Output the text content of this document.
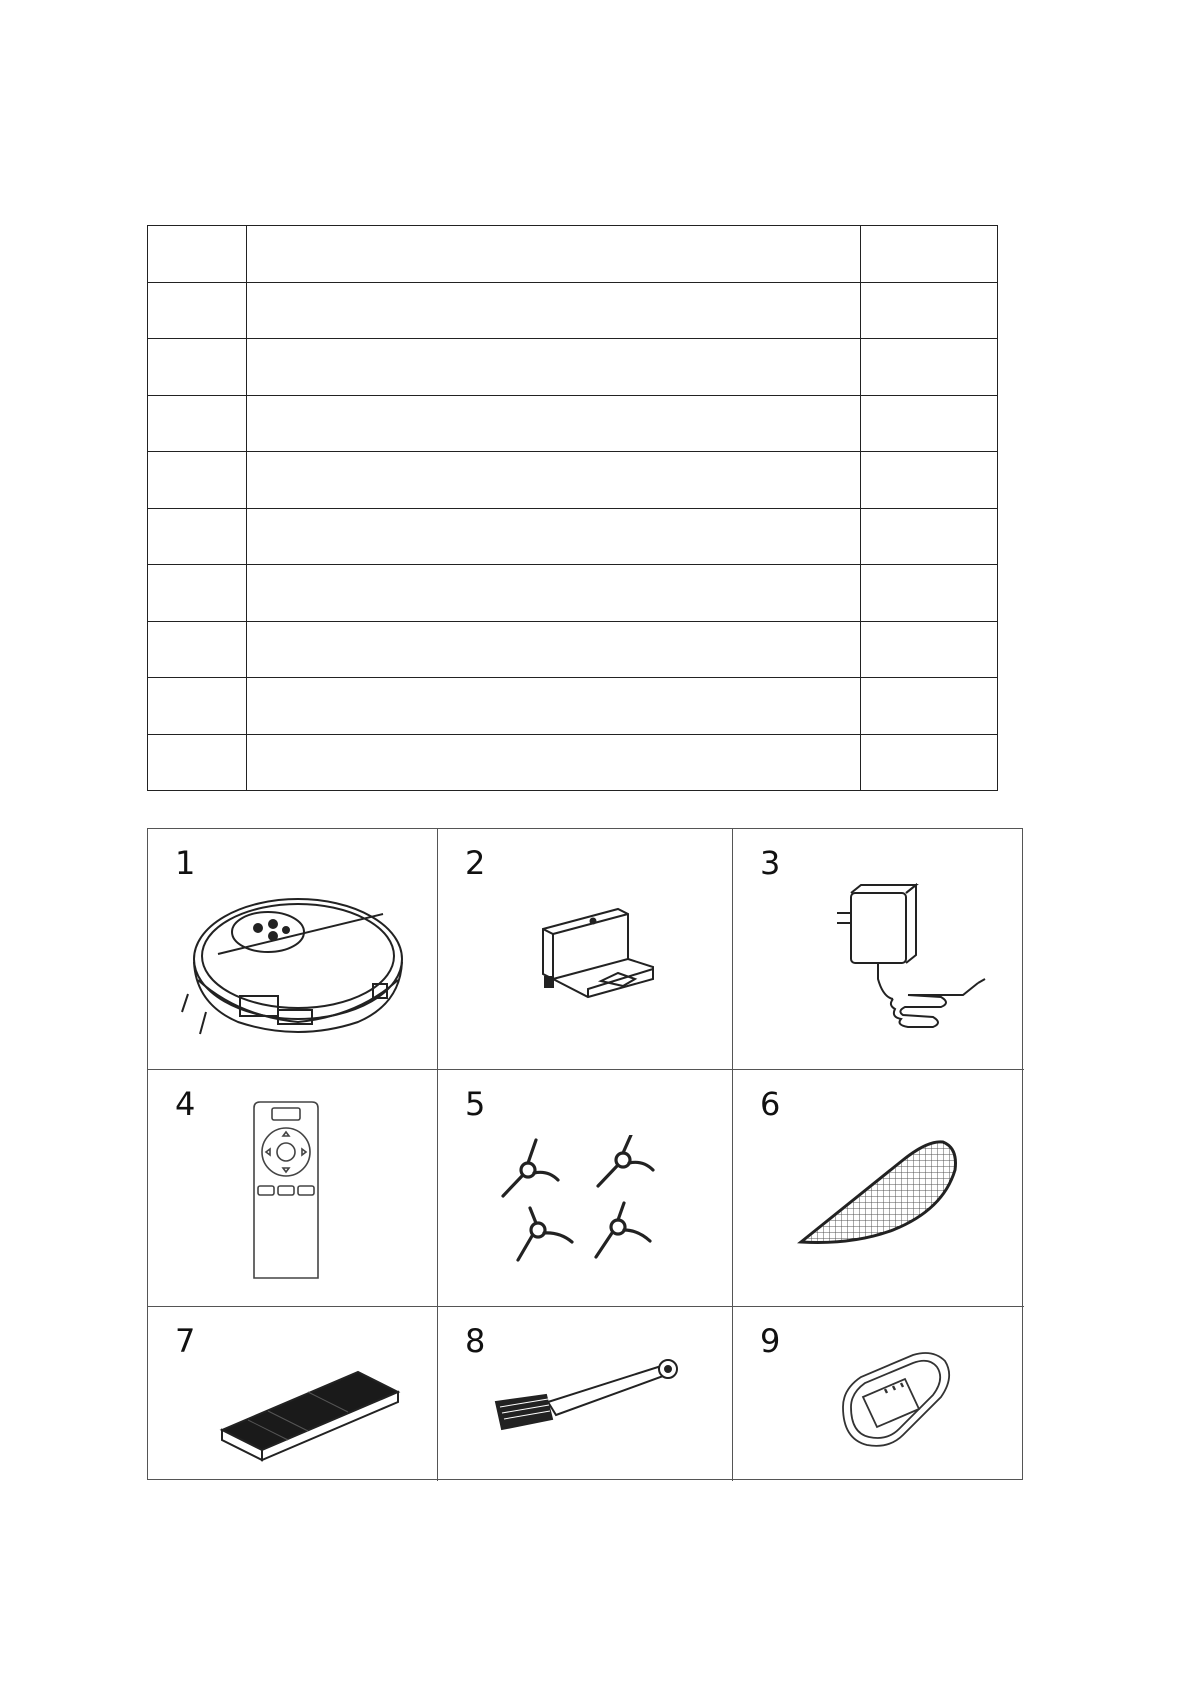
1	2	3
4	5	6
7	8	9
